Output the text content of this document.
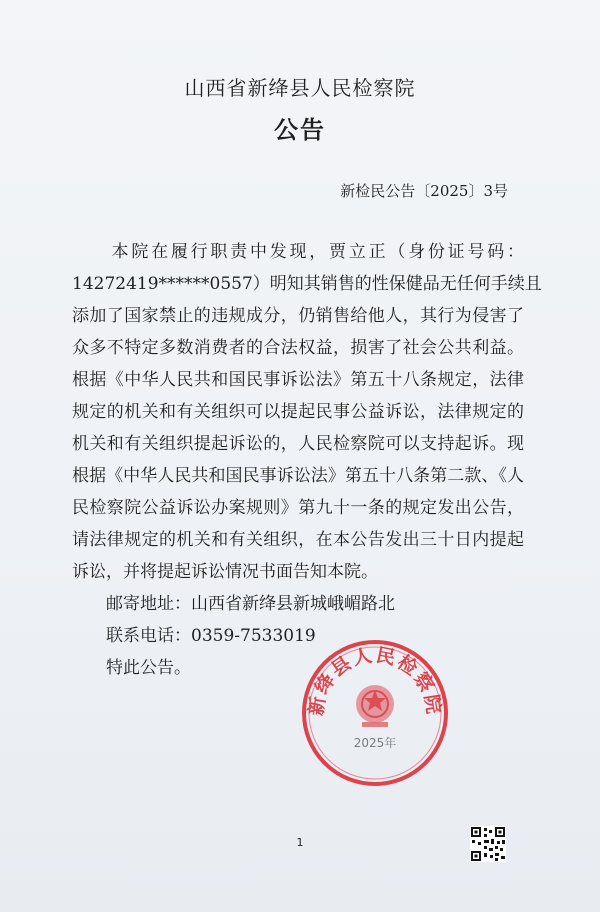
山西省新绛县人民检察院
公告
新检民公告〔2025〕3号
　　本院在履行职责中发现，贾立正（身份证号码：
14272419******0557）明知其销售的性保健品无任何手续且
添加了国家禁止的违规成分，仍销售给他人，其行为侵害了
众多不特定多数消费者的合法权益，损害了社会公共利益。
根据《中华人民共和国民事诉讼法》第五十八条规定，法律
规定的机关和有关组织可以提起民事公益诉讼，法律规定的
机关和有关组织提起诉讼的，人民检察院可以支持起诉。现
根据《中华人民共和国民事诉讼法》第五十八条第二款、《人
民检察院公益诉讼办案规则》第九十一条的规定发出公告，
请法律规定的机关和有关组织，在本公告发出三十日内提起
诉讼，并将提起诉讼情况书面告知本院。
邮寄地址：山西省新绛县新城峨嵋路北
联系电话：0359-7533019
特此公告。
新绛县人民检察院
2025年
1
